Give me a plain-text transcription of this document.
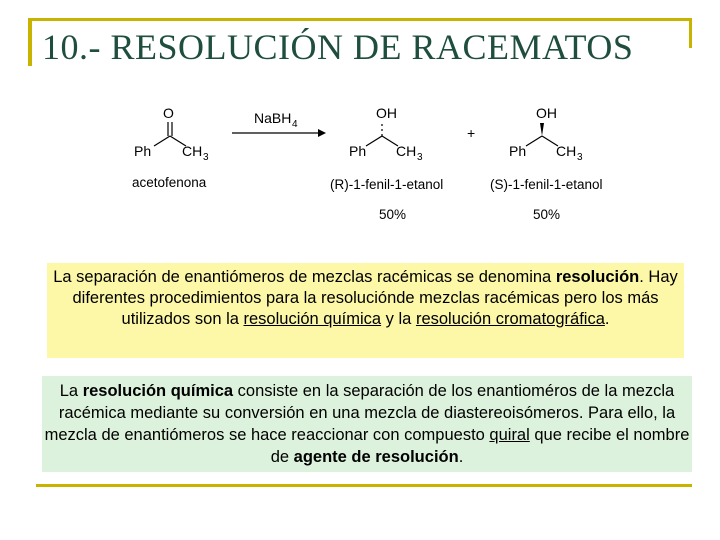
10.- RESOLUCIÓN DE RACEMATOS
O
Ph CH 3
acetofenona
NaBH 4
OH
Ph CH 3
(R)-1-fenil-1-etanol
50%
+
OH
Ph CH 3
(S)-1-fenil-1-etanol
50%
La separación de enantiómeros de mezclas racémicas se denomina resolución. Hay diferentes procedimientos para la resolucióndе mezclas racémicas pero los más utilizados son la resolución química y la resolución cromatográfica.
La resolución química consiste en la separación de los enantioméros de la mezcla racémica mediante su conversión en una mezcla de diastereoisómeros. Para ello, la mezcla de enantiómeros se hace reaccionar con compuesto quiral que recibe el nombre de agente de resolución.
